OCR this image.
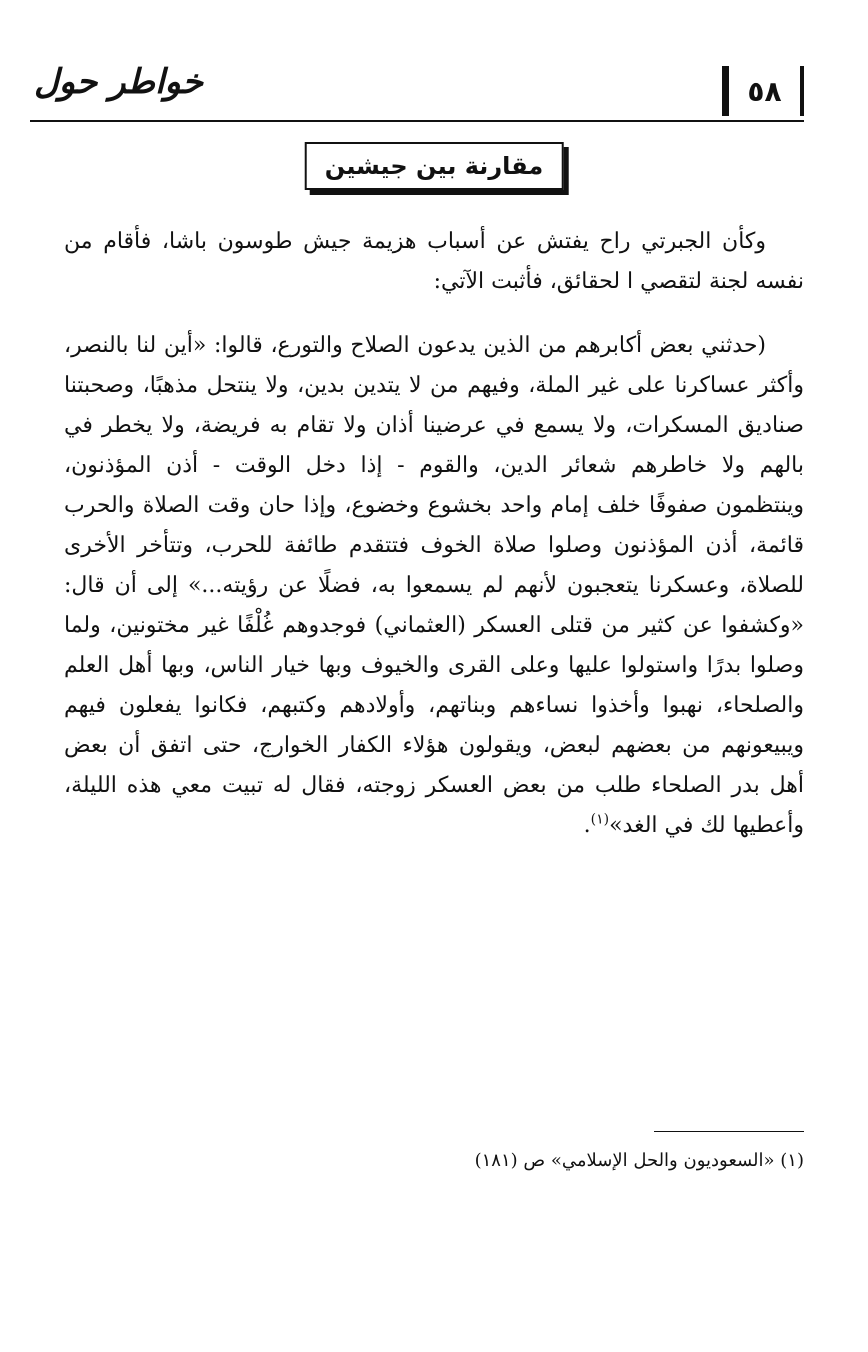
٥٨
خواطر حول
مقارنة بين جيشين

وكأن الجبرتي راح يفتش عن أسباب هزيمة جيش طوسون باشا، فأقام من نفسه لجنة لتقصي ا لحقائق، فأثبت الآتي:

(حدثني بعض أكابرهم من الذين يدعون الصلاح والتورع، قالوا: «أين لنا بالنصر، وأكثر عساكرنا على غير الملة، وفيهم من لا يتدين بدين، ولا ينتحل مذهبًا، وصحبتنا صناديق المسكرات، ولا يسمع في عرضينا أذان ولا تقام به فريضة، ولا يخطر في بالهم ولا خاطرهم شعائر الدين، والقوم - إذا دخل الوقت - أذن المؤذنون، وينتظمون صفوفًا خلف إمام واحد بخشوع وخضوع، وإذا حان وقت الصلاة والحرب قائمة، أذن المؤذنون وصلوا صلاة الخوف فتتقدم طائفة للحرب، وتتأخر الأخرى للصلاة، وعسكرنا يتعجبون لأنهم لم يسمعوا به، فضلًا عن رؤيته...» إلى أن قال: «وكشفوا عن كثير من قتلى العسكر (العثماني) فوجدوهم غُلْفًا غير مختونين، ولما وصلوا بدرًا واستولوا عليها وعلى القرى والخيوف وبها خيار الناس، وبها أهل العلم والصلحاء، نهبوا وأخذوا نساءهم وبناتهم، وأولادهم وكتبهم، فكانوا يفعلون فيهم ويبيعونهم من بعضهم لبعض، ويقولون هؤلاء الكفار الخوارج، حتى اتفق أن بعض أهل بدر الصلحاء طلب من بعض العسكر زوجته، فقال له تبيت معي هذه الليلة، وأعطيها لك في الغد»$^{(١)}$.

(١) «السعوديون والحل الإسلامي» ص (١٨١)
